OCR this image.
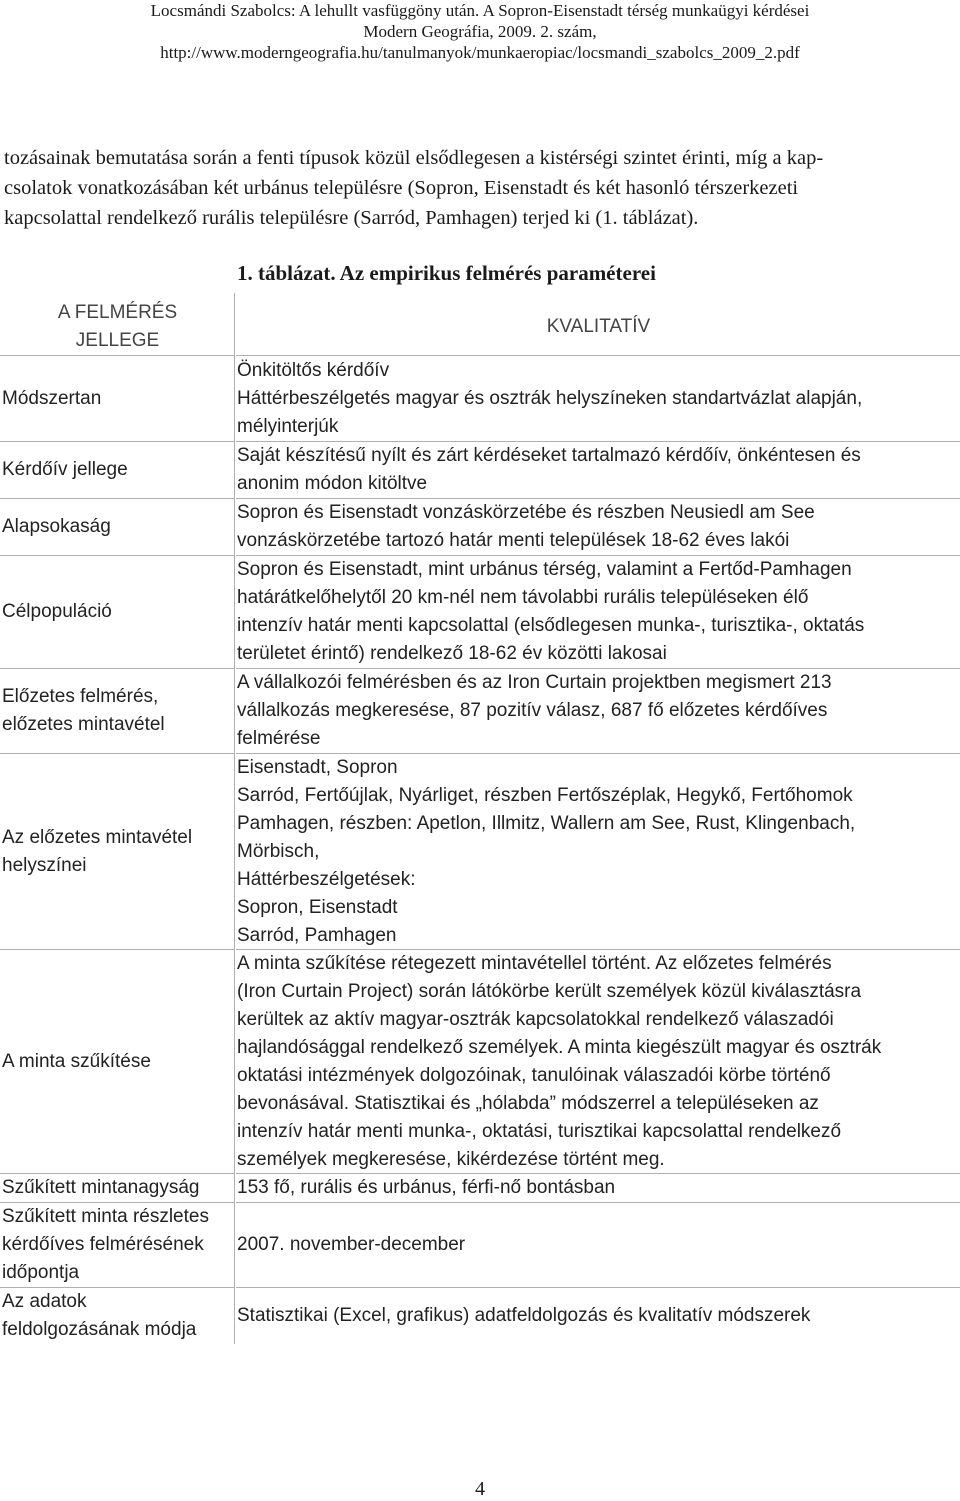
Locsmándi Szabolcs: A lehullt vasfüggöny után. A Sopron-Eisenstadt térség munkaügyi kérdései
Modern Geográfia, 2009. 2. szám,
http://www.moderngeografia.hu/tanulmanyok/munkaeropiac/locsmandi_szabolcs_2009_2.pdf
tozásainak bemutatása során a fenti típusok közül elsődlegesen a kistérségi szintet érinti, míg a kap-
csolatok vonatkozásában két urbánus településre (Sopron, Eisenstadt és két hasonló térszerkezeti
kapcsolattal rendelkező rurális településre (Sarród, Pamhagen) terjed ki (1. táblázat).
1. táblázat. Az empirikus felmérés paraméterei
A FELMÉRÉS
JELLEGE
KVALITATÍV
Módszertan
Önkitöltős kérdőív
Háttérbeszélgetés magyar és osztrák helyszíneken standartvázlat alapján,
mélyinterjúk
Kérdőív jellege
Saját készítésű nyílt és zárt kérdéseket tartalmazó kérdőív, önkéntesen és
anonim módon kitöltve
Alapsokaság
Sopron és Eisenstadt vonzáskörzetébe és részben Neusiedl am See
vonzáskörzetébe tartozó határ menti települések 18-62 éves lakói
Célpopuláció
Sopron és Eisenstadt, mint urbánus térség, valamint a Fertőd-Pamhagen
határátkelőhelytől 20 km-nél nem távolabbi rurális településeken élő
intenzív határ menti kapcsolattal (elsődlegesen munka-, turisztika-, oktatás
területet érintő) rendelkező 18-62 év közötti lakosai
Előzetes felmérés,
előzetes mintavétel
A vállalkozói felmérésben és az Iron Curtain projektben megismert 213
vállalkozás megkeresése, 87 pozitív válasz, 687 fő előzetes kérdőíves
felmérése
Az előzetes mintavétel
helyszínei
Eisenstadt, Sopron
Sarród, Fertőújlak, Nyárliget, részben Fertőszéplak, Hegykő, Fertőhomok
Pamhagen, részben: Apetlon, Illmitz, Wallern am See, Rust, Klingenbach,
Mörbisch,
Háttérbeszélgetések:
Sopron, Eisenstadt
Sarród, Pamhagen
A minta szűkítése
A minta szűkítése rétegezett mintavétellel történt. Az előzetes felmérés
(Iron Curtain Project) során látókörbe került személyek közül kiválasztásra
kerültek az aktív magyar-osztrák kapcsolatokkal rendelkező válaszadói
hajlandósággal rendelkező személyek. A minta kiegészült magyar és osztrák
oktatási intézmények dolgozóinak, tanulóinak válaszadói körbe történő
bevonásával. Statisztikai és „hólabda” módszerrel a településeken az
intenzív határ menti munka-, oktatási, turisztikai kapcsolattal rendelkező
személyek megkeresése, kikérdezése történt meg.
Szűkített mintanagyság	153 fő, rurális és urbánus, férfi-nő bontásban
Szűkített minta részletes
kérdőíves felmérésének
időpontja
2007. november-december
Az adatok
feldolgozásának módja
Statisztikai (Excel, grafikus) adatfeldolgozás és kvalitatív módszerek
4
